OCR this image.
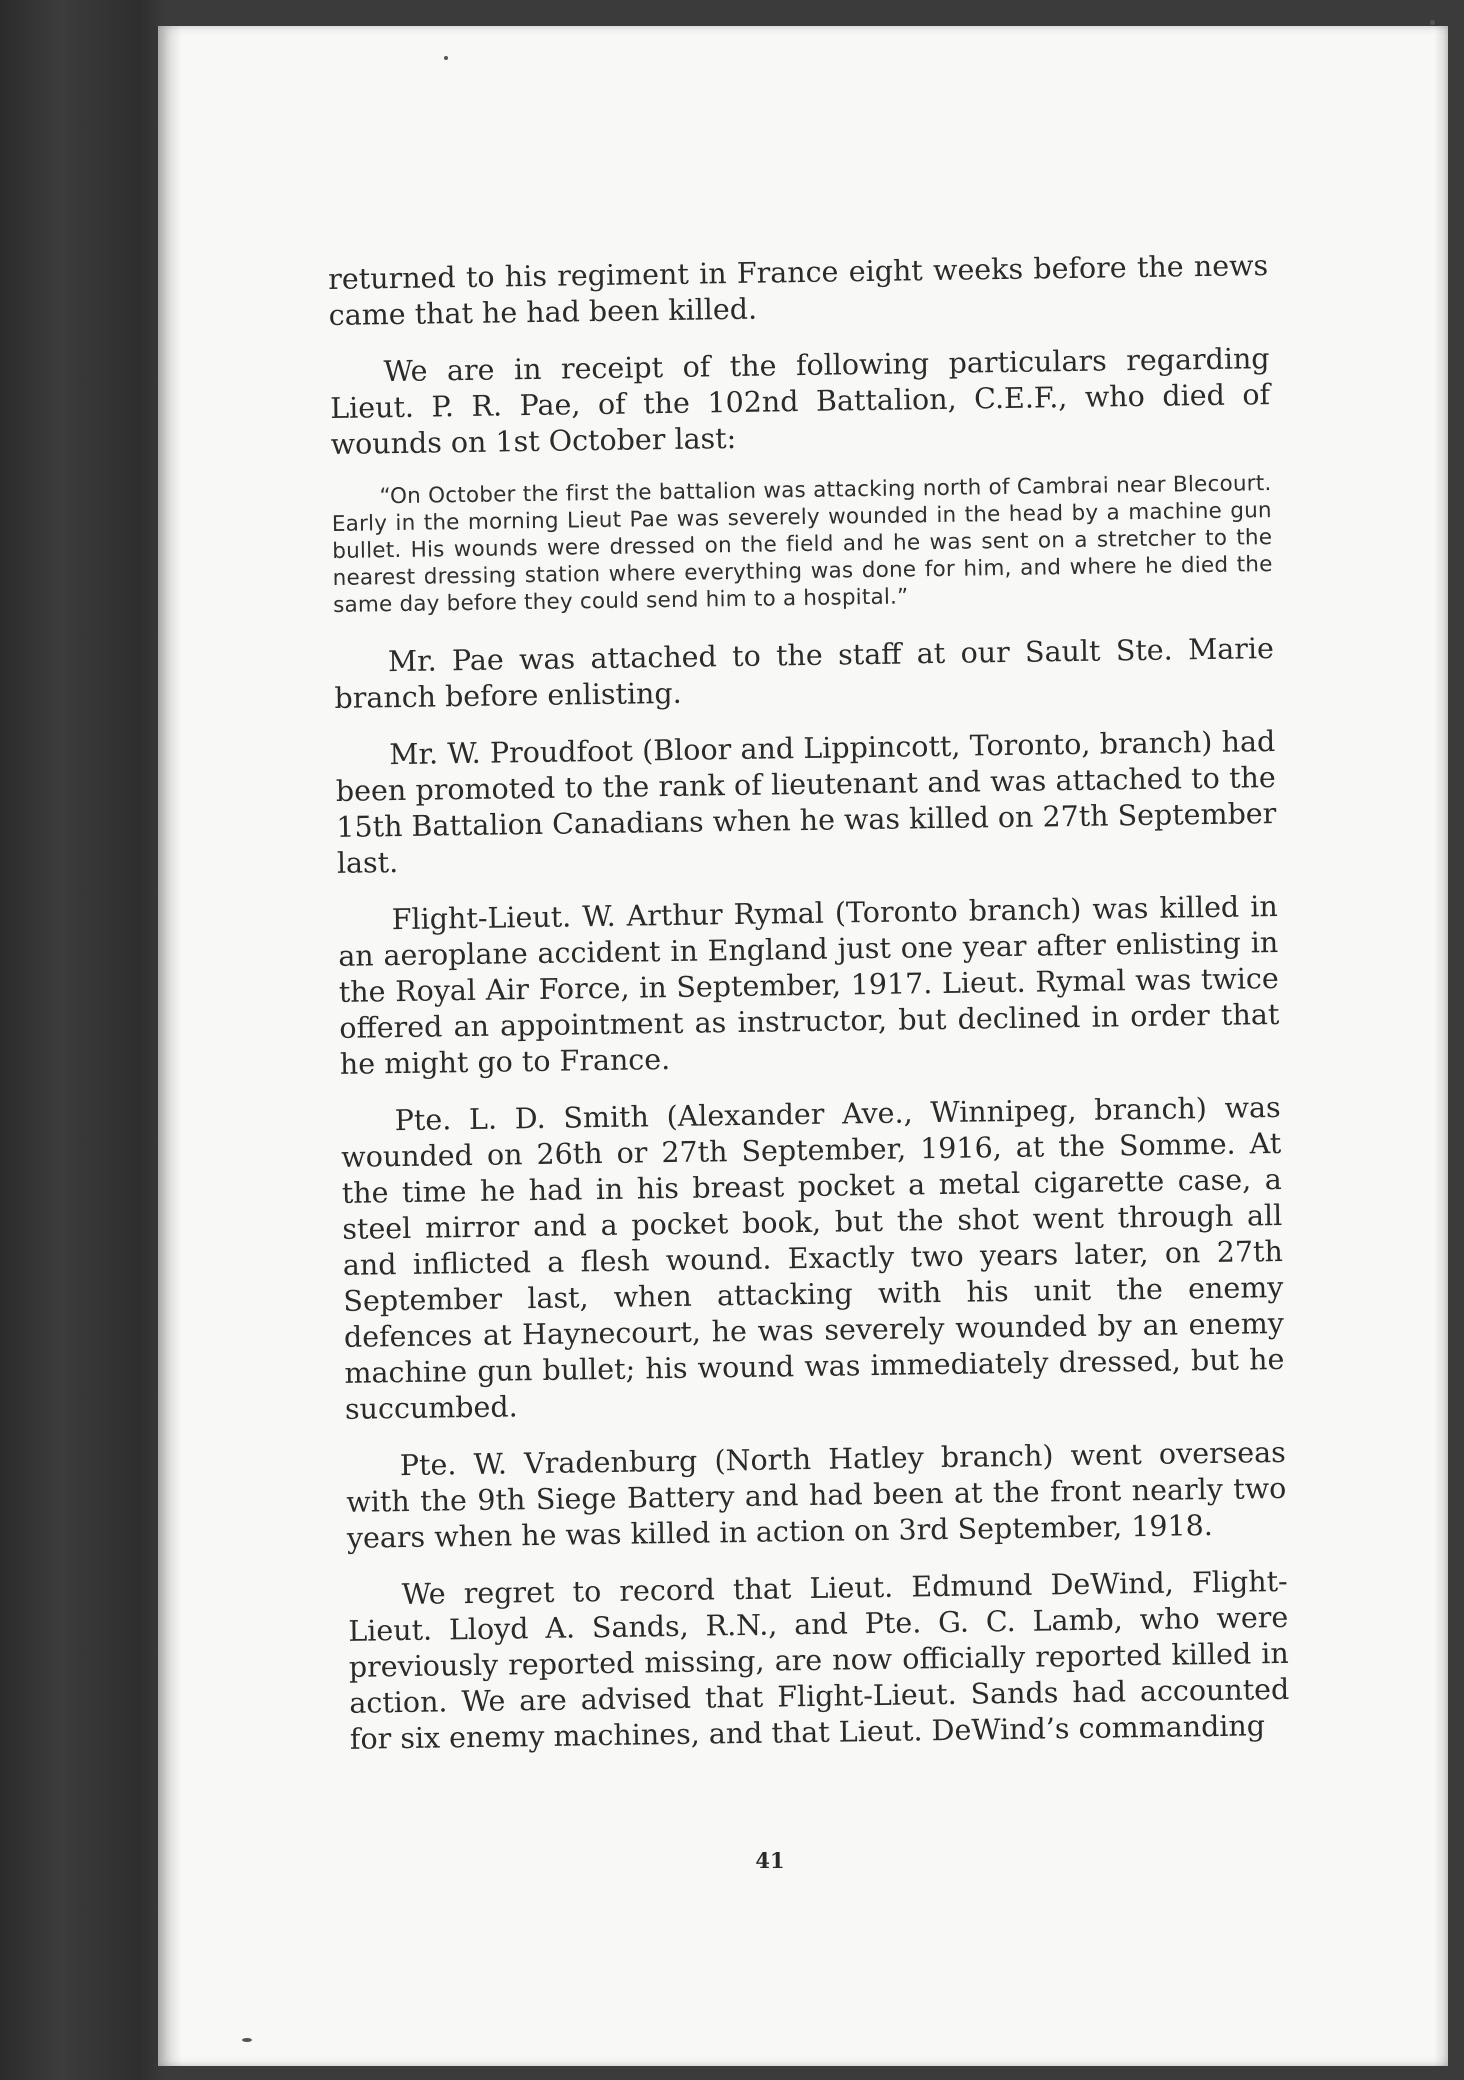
returned to his regiment in France eight weeks before the news came that he had been killed.

We are in receipt of the following particulars regarding Lieut. P. R. Pae, of the 102nd Battalion, C.E.F., who died of wounds on 1st October last:

“On October the first the battalion was attacking north of Cambrai near Blecourt. Early in the morning Lieut Pae was severely wounded in the head by a machine gun bullet. His wounds were dressed on the field and he was sent on a stretcher to the nearest dressing station where everything was done for him, and where he died the same day before they could send him to a hospital.”

Mr. Pae was attached to the staff at our Sault Ste. Marie branch before enlisting.

Mr. W. Proudfoot (Bloor and Lippincott, Toronto, branch) had been promoted to the rank of lieutenant and was attached to the 15th Battalion Canadians when he was killed on 27th September last.

Flight-Lieut. W. Arthur Rymal (Toronto branch) was killed in an aeroplane accident in England just one year after enlisting in the Royal Air Force, in September, 1917. Lieut. Rymal was twice offered an appointment as instructor, but declined in order that he might go to France.

Pte. L. D. Smith (Alexander Ave., Winnipeg, branch) was wounded on 26th or 27th September, 1916, at the Somme. At the time he had in his breast pocket a metal cigarette case, a steel mirror and a pocket book, but the shot went through all and inflicted a flesh wound. Exactly two years later, on 27th September last, when attacking with his unit the enemy defences at Haynecourt, he was severely wounded by an enemy machine gun bullet; his wound was immediately dressed, but he succumbed.

Pte. W. Vradenburg (North Hatley branch) went overseas with the 9th Siege Battery and had been at the front nearly two years when he was killed in action on 3rd September, 1918.

We regret to record that Lieut. Edmund DeWind, Flight-Lieut. Lloyd A. Sands, R.N., and Pte. G. C. Lamb, who were previously reported missing, are now officially reported killed in action. We are advised that Flight-Lieut. Sands had accounted for six enemy machines, and that Lieut. DeWind’s commanding

41
